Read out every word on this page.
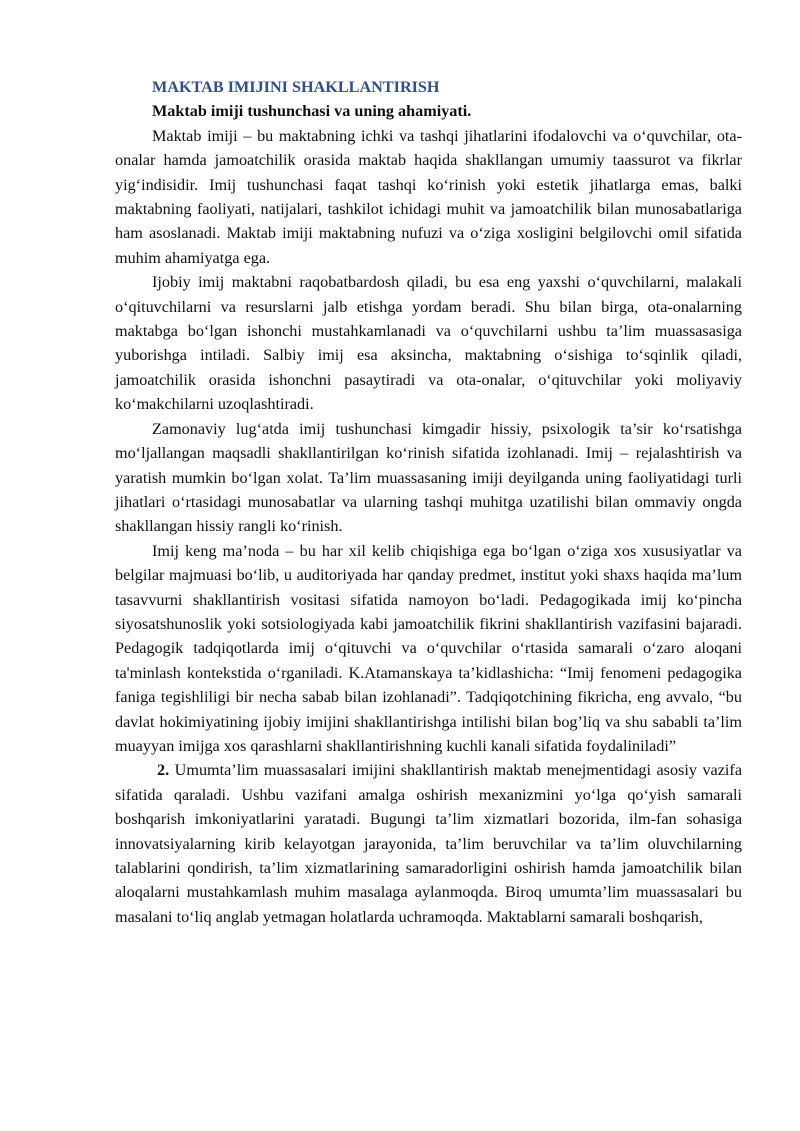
MAKTAB IMIJINI SHAKLLANTIRISH
Maktab imiji tushunchasi va uning ahamiyati.

Maktab imiji – bu maktabning ichki va tashqi jihatlarini ifodalovchi va o‘quvchilar, ota-onalar hamda jamoatchilik orasida maktab haqida shakllangan umumiy taassurot va fikrlar yig‘indisidir. Imij tushunchasi faqat tashqi ko‘rinish yoki estetik jihatlarga emas, balki maktabning faoliyati, natijalari, tashkilot ichidagi muhit va jamoatchilik bilan munosabatlariga ham asoslanadi. Maktab imiji maktabning nufuzi va o‘ziga xosligini belgilovchi omil sifatida muhim ahamiyatga ega.

Ijobiy imij maktabni raqobatbardosh qiladi, bu esa eng yaxshi o‘quvchilarni, malakali o‘qituvchilarni va resurslarni jalb etishga yordam beradi. Shu bilan birga, ota-onalarning maktabga bo‘lgan ishonchi mustahkamlanadi va o‘quvchilarni ushbu ta’lim muassasasiga yuborishga intiladi. Salbiy imij esa aksincha, maktabning o‘sishiga to‘sqinlik qiladi, jamoatchilik orasida ishonchni pasaytiradi va ota-onalar, o‘qituvchilar yoki moliyaviy ko‘makchilarni uzoqlashtiradi.

Zamonaviy lug‘atda imij tushunchasi kimgadir hissiy, psixologik ta’sir ko‘rsatishga mo‘ljallangan maqsadli shakllantirilgan ko‘rinish sifatida izohlanadi. Imij – rejalashtirish va yaratish mumkin bo‘lgan xolat. Ta’lim muassasaning imiji deyilganda uning faoliyatidagi turli jihatlari o‘rtasidagi munosabatlar va ularning tashqi muhitga uzatilishi bilan ommaviy ongda shakllangan hissiy rangli ko‘rinish.

Imij keng ma’noda – bu har xil kelib chiqishiga ega bo‘lgan o‘ziga xos xususiyatlar va belgilar majmuasi bo‘lib, u auditoriyada har qanday predmet, institut yoki shaxs haqida ma’lum tasavvurni shakllantirish vositasi sifatida namoyon bo‘ladi. Pedagogikada imij ko‘pincha siyosatshunoslik yoki sotsiologiyada kabi jamoatchilik fikrini shakllantirish vazifasini bajaradi. Pedagogik tadqiqotlarda imij o‘qituvchi va o‘quvchilar o‘rtasida samarali o‘zaro aloqani ta'minlash kontekstida o‘rganiladi. K.Atamanskaya ta’kidlashicha: “Imij fenomeni pedagogika faniga tegishliligi bir necha sabab bilan izohlanadi”. Tadqiqotchining fikricha, eng avvalo, “bu davlat hokimiyatining ijobiy imijini shakllantirishga intilishi bilan bog’liq va shu sababli ta’lim muayyan imijga xos qarashlarni shakllantirishning kuchli kanali sifatida foydaliniladi”

2. Umumta’lim muassasalari imijini shakllantirish maktab menejmentidagi asosiy vazifa sifatida qaraladi. Ushbu vazifani amalga oshirish mexanizmini yo‘lga qo‘yish samarali boshqarish imkoniyatlarini yaratadi. Bugungi ta’lim xizmatlari bozorida, ilm-fan sohasiga innovatsiyalarning kirib kelayotgan jarayonida, ta’lim beruvchilar va ta’lim oluvchilarning talablarini qondirish, ta’lim xizmatlarining samaradorligini oshirish hamda jamoatchilik bilan aloqalarni mustahkamlash muhim masalaga aylanmoqda. Biroq umumta’lim muassasalari bu masalani to‘liq anglab yetmagan holatlarda uchramoqda. Maktablarni samarali boshqarish,
